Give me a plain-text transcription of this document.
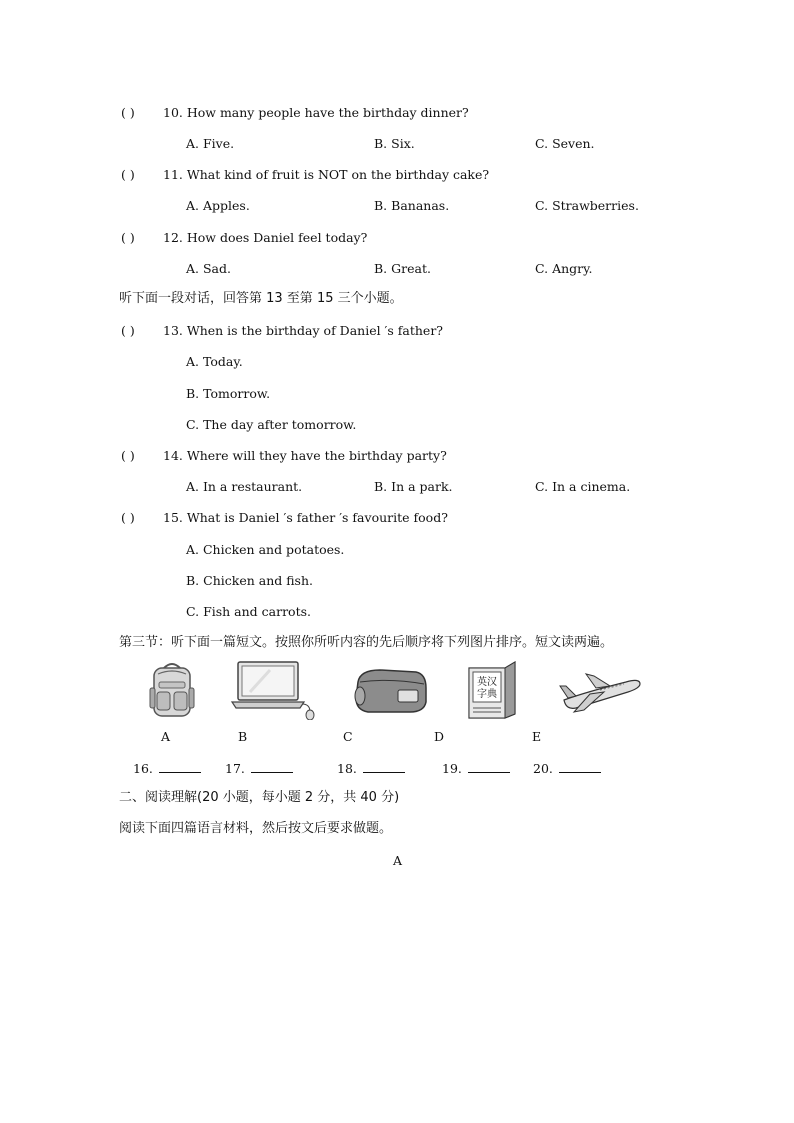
( ) 10. How many people have the birthday dinner?
A. Five.	B. Six.	C. Seven.
( ) 11. What kind of fruit is NOT on the birthday cake?
A. Apples.	B. Bananas.	C. Strawberries.
( ) 12. How does Daniel feel today?
A. Sad.	B. Great.	C. Angry.
听下面一段对话，回答第 13 至第 15 三个小题。
( ) 13. When is the birthday of Daniel ′s father?
A. Today.
B. Tomorrow.
C. The day after tomorrow.
( ) 14. Where will they have the birthday party?
A. In a restaurant.	B. In a park.	C. In a cinema.
( ) 15. What is Daniel ′s father ′s favourite food?
A. Chicken and potatoes.
B. Chicken and fish.
C. Fish and carrots.
第三节：听下面一篇短文。按照你所听内容的先后顺序将下列图片排序。短文读两遍。
英汉
字典
A	B	C	D	E
16.	17.	18.	19.	20.
二、阅读理解(20 小题，每小题 2 分，共 40 分)
阅读下面四篇语言材料，然后按文后要求做题。
A
